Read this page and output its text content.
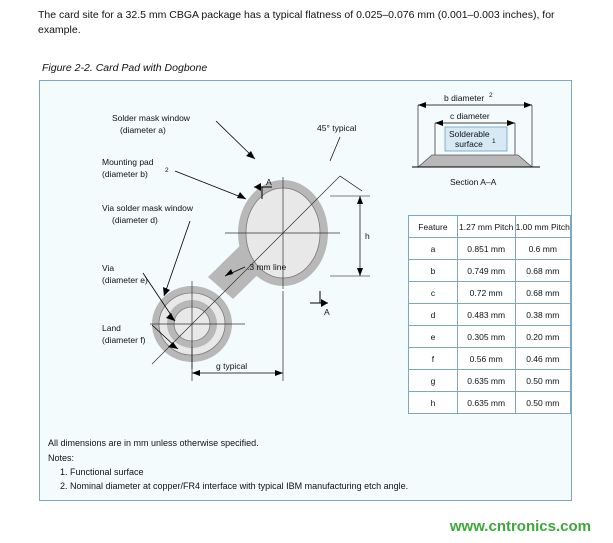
The card site for a 32.5 mm CBGA package has a typical flatness of 0.025–0.076 mm (0.001–0.003 inches), for example.
Figure 2-2. Card Pad with Dogbone
A
A
45° typical
Solder mask window
(diameter a)
Mounting pad
(diameter b)	2
Via solder mask window
(diameter d)
Via
(diameter e)
Land
(diameter f)
.3 mm line
h
g typical
b diameter 2
c diameter
Solderable
surface 1
Section A–A
Feature	1.27 mm Pitch	1.00 mm Pitch
a	0.851 mm	0.6 mm
b	0.749 mm	0.68 mm
c	0.72 mm	0.68 mm
d	0.483 mm	0.38 mm
e	0.305 mm	0.20 mm
f	0.56 mm	0.46 mm
g	0.635 mm	0.50 mm
h	0.635 mm	0.50 mm
All dimensions are in mm unless otherwise specified.
Notes:
1. Functional surface
2. Nominal diameter at copper/FR4 interface with typical IBM manufacturing etch angle.
www.cntronics.com
